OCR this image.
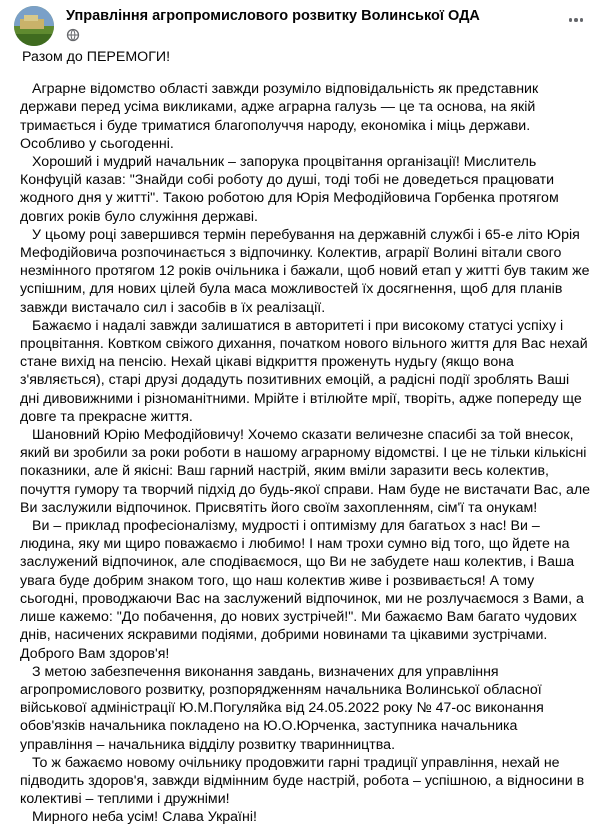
Управління агропромислового розвитку Волинської ОДА

Разом до ПЕРЕМОГИ!

Аграрне відомство області завжди розуміло відповідальність як представник держави перед усіма викликами, адже аграрна галузь — це та основа, на якій тримається і буде триматися благополуччя народу, економіка і міць держави. Особливо у сьогоденні.

Хороший і мудрий начальник – запорука процвітання організації! Мислитель Конфуцій казав: "Знайди собі роботу до душі, тоді тобі не доведеться працювати жодного дня у житті". Такою роботою для Юрія Мефодійовича Горбенка протягом довгих років було служіння державі.

У цьому році завершився термін перебування на державній службі і 65-е літо Юрія Мефодійовича розпочинається з відпочинку. Колектив, аграрії Волині вітали свого незмінного протягом 12 років очільника і бажали, щоб новий етап у житті був таким же успішним, для нових цілей була маса можливостей їх досягнення, щоб для планів завжди вистачало сил і засобів в їх реалізації.

Бажаємо і надалі завжди залишатися в авторитеті і при високому статусі успіху і процвітання. Ковтком свіжого дихання, початком нового вільного життя для Вас нехай стане вихід на пенсію. Нехай цікаві відкриття проженуть нудьгу (якщо вона з'являється), старі друзі додадуть позитивних емоцій, а радісні події зроблять Ваші дні дивовижними і різноманітними. Мрійте і втілюйте мрії, творіть, адже попереду ще довге та прекрасне життя.

Шановний Юрію Мефодійовичу! Хочемо сказати величезне спасибі за той внесок, який ви зробили за роки роботи в нашому аграрному відомстві. І це не тільки кількісні показники, але й якісні: Ваш гарний настрій, яким вміли заразити весь колектив, почуття гумору та творчий підхід до будь-якої справи. Нам буде не вистачати Вас, але Ви заслужили відпочинок. Присвятіть його своїм захопленням, сім'ї та онукам!

Ви – приклад професіоналізму, мудрості і оптимізму для багатьох з нас! Ви – людина, яку ми щиро поважаємо і любимо! І нам трохи сумно від того, що йдете на заслужений відпочинок, але сподіваємося, що Ви не забудете наш колектив, і Ваша увага буде добрим знаком того, що наш колектив живе і розвивається! А тому сьогодні, проводжаючи Вас на заслужений відпочинок, ми не розлучаємося з Вами, а лише кажемо: "До побачення, до нових зустрічей!". Ми бажаємо Вам багато чудових днів, насичених яскравими подіями, добрими новинами та цікавими зустрічами. Доброго Вам здоров'я!

З метою забезпечення виконання завдань, визначених для управління агропромислового розвитку, розпорядженням начальника Волинської обласної військової адміністрації Ю.М.Погуляйка від 24.05.2022 року № 47-ос виконання обов'язків начальника покладено на Ю.О.Юрченка, заступника начальника управління – начальника відділу розвитку тваринництва.

То ж бажаємо новому очільнику продовжити гарні традиції управління, нехай не підводить здоров'я, завжди відмінним буде настрій, робота – успішною, а відносини в колективі – теплими і дружніми!

Мирного неба усім! Слава Україні!
